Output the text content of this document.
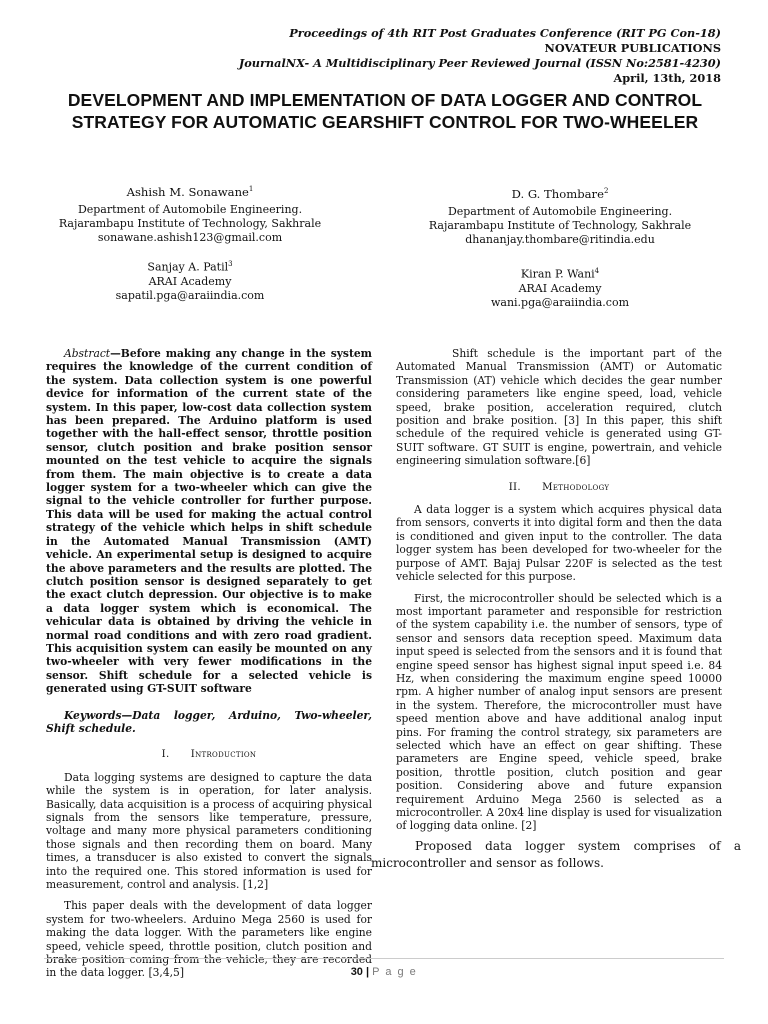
Proceedings of 4th RIT Post Graduates Conference (RIT PG Con-18)
NOVATEUR PUBLICATIONS
JournalNX- A Multidisciplinary Peer Reviewed Journal (ISSN No:2581-4230)
April, 13th, 2018
DEVELOPMENT AND IMPLEMENTATION OF DATA LOGGER AND CONTROL STRATEGY FOR AUTOMATIC GEARSHIFT CONTROL FOR TWO-WHEELER
Ashish M. Sonawane$^1$
Department of Automobile Engineering.
Rajarambapu Institute of Technology, Sakhrale
sonawane.ashish123@gmail.com
Sanjay A. Patil$^3$
ARAI Academy
sapatil.pga@araiindia.com
D. G. Thombare$^2$
Department of Automobile Engineering.
Rajarambapu Institute of Technology, Sakhrale
dhananjay.thombare@ritindia.edu
Kiran P. Wani$^4$
ARAI Academy
wani.pga@araiindia.com

Abstract—Before making any change in the system requires the knowledge of the current condition of the system. Data collection system is one powerful device for information of the current state of the system. In this paper, low-cost data collection system has been prepared. The Arduino platform is used together with the hall-effect sensor, throttle position sensor, clutch position and brake position sensor mounted on the test vehicle to acquire the signals from them. The main objective is to create a data logger system for a two-wheeler which can give the signal to the vehicle controller for further purpose. This data will be used for making the actual control strategy of the vehicle which helps in shift schedule in the Automated Manual Transmission (AMT) vehicle. An experimental setup is designed to acquire the above parameters and the results are plotted. The clutch position sensor is designed separately to get the exact clutch depression. Our objective is to make a data logger system which is economical. The vehicular data is obtained by driving the vehicle in normal road conditions and with zero road gradient. This acquisition system can easily be mounted on any two-wheeler with very fewer modifications in the sensor. Shift schedule for a selected vehicle is generated using GT-SUIT software

Keywords—Data logger, Arduino, Two-wheeler, Shift schedule.

I. Introduction

Data logging systems are designed to capture the data while the system is in operation, for later analysis. Basically, data acquisition is a process of acquiring physical signals from the sensors like temperature, pressure, voltage and many more physical parameters conditioning those signals and then recording them on board. Many times, a transducer is also existed to convert the signals into the required one. This stored information is used for measurement, control and analysis. [1,2]

This paper deals with the development of data logger system for two-wheelers. Arduino Mega 2560 is used for making the data logger. With the parameters like engine speed, vehicle speed, throttle position, clutch position and brake position coming from the vehicle, they are recorded in the data logger. [3,4,5]

Shift schedule is the important part of the Automated Manual Transmission (AMT) or Automatic Transmission (AT) vehicle which decides the gear number considering parameters like engine speed, load, vehicle speed, brake position, acceleration required, clutch position and brake position. [3] In this paper, this shift schedule of the required vehicle is generated using GT-SUIT software. GT SUIT is engine, powertrain, and vehicle engineering simulation software.[6]

II. Methodology

A data logger is a system which acquires physical data from sensors, converts it into digital form and then the data is conditioned and given input to the controller. The data logger system has been developed for two-wheeler for the purpose of AMT. Bajaj Pulsar 220F is selected as the test vehicle selected for this purpose.

First, the microcontroller should be selected which is a most important parameter and responsible for restriction of the system capability i.e. the number of sensors, type of sensor and sensors data reception speed. Maximum data input speed is selected from the sensors and it is found that engine speed sensor has highest signal input speed i.e. 84 Hz, when considering the maximum engine speed 10000 rpm. A higher number of analog input sensors are present in the system. Therefore, the microcontroller must have speed mention above and have additional analog input pins. For framing the control strategy, six parameters are selected which have an effect on gear shifting. These parameters are Engine speed, vehicle speed, brake position, throttle position, clutch position and gear position. Considering above and future expansion requirement Arduino Mega 2560 is selected as a microcontroller. A 20x4 line display is used for visualization of logging data online. [2]

Proposed data logger system comprises of a
microcontroller and sensor as follows.
30 | P a g e
